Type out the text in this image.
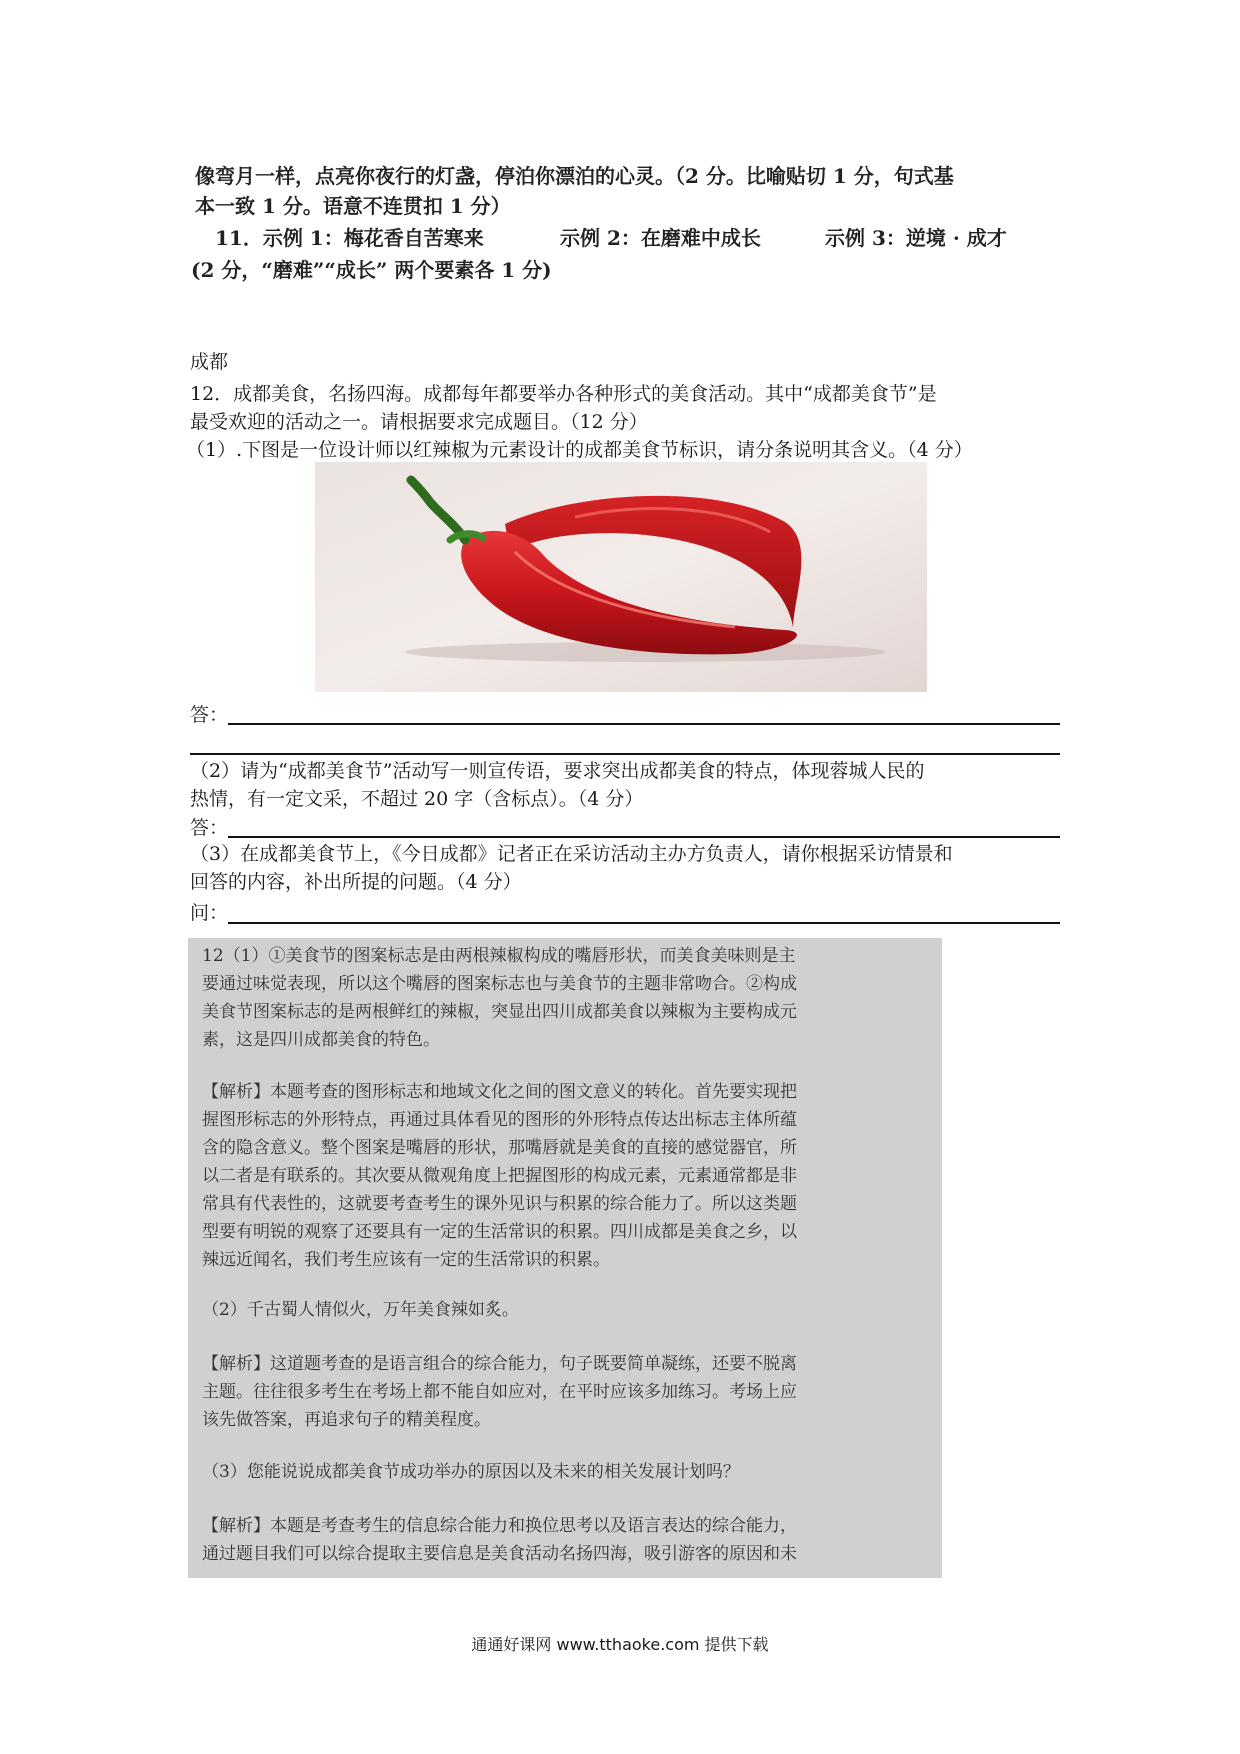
像弯月一样，点亮你夜行的灯盏，停泊你漂泊的心灵。（2 分。比喻贴切 1 分，句式基
本一致 1 分。语意不连贯扣 1 分）
11．示例 1：梅花香自苦寒来	示例 2：在磨难中成长	示例 3：逆境 · 成才
(2 分，“磨难”“成长” 两个要素各 1 分)
成都
12．成都美食，名扬四海。成都每年都要举办各种形式的美食活动。其中“成都美食节”是
最受欢迎的活动之一。请根据要求完成题目。（12 分）
（1）.下图是一位设计师以红辣椒为元素设计的成都美食节标识，请分条说明其含义。（4 分）
答：
（2）请为“成都美食节”活动写一则宣传语，要求突出成都美食的特点，体现蓉城人民的
热情，有一定文采，不超过 20 字（含标点）。（4 分）
答：
（3）在成都美食节上，《今日成都》记者正在采访活动主办方负责人，请你根据采访情景和
回答的内容，补出所提的问题。（4 分）
问：
12（1）①美食节的图案标志是由两根辣椒构成的嘴唇形状，而美食美味则是主
要通过味觉表现，所以这个嘴唇的图案标志也与美食节的主题非常吻合。②构成
美食节图案标志的是两根鲜红的辣椒，突显出四川成都美食以辣椒为主要构成元
素，这是四川成都美食的特色。
【解析】本题考查的图形标志和地域文化之间的图文意义的转化。首先要实现把
握图形标志的外形特点，再通过具体看见的图形的外形特点传达出标志主体所蕴
含的隐含意义。整个图案是嘴唇的形状，那嘴唇就是美食的直接的感觉器官，所
以二者是有联系的。其次要从微观角度上把握图形的构成元素，元素通常都是非
常具有代表性的，这就要考查考生的课外见识与积累的综合能力了。所以这类题
型要有明锐的观察了还要具有一定的生活常识的积累。四川成都是美食之乡，以
辣远近闻名，我们考生应该有一定的生活常识的积累。
（2）千古蜀人情似火，万年美食辣如炙。
【解析】这道题考查的是语言组合的综合能力，句子既要简单凝练，还要不脱离
主题。往往很多考生在考场上都不能自如应对，在平时应该多加练习。考场上应
该先做答案，再追求句子的精美程度。
（3）您能说说成都美食节成功举办的原因以及未来的相关发展计划吗？
【解析】本题是考查考生的信息综合能力和换位思考以及语言表达的综合能力，
通过题目我们可以综合提取主要信息是美食活动名扬四海，吸引游客的原因和未
通通好课网 www.tthaoke.com 提供下载
